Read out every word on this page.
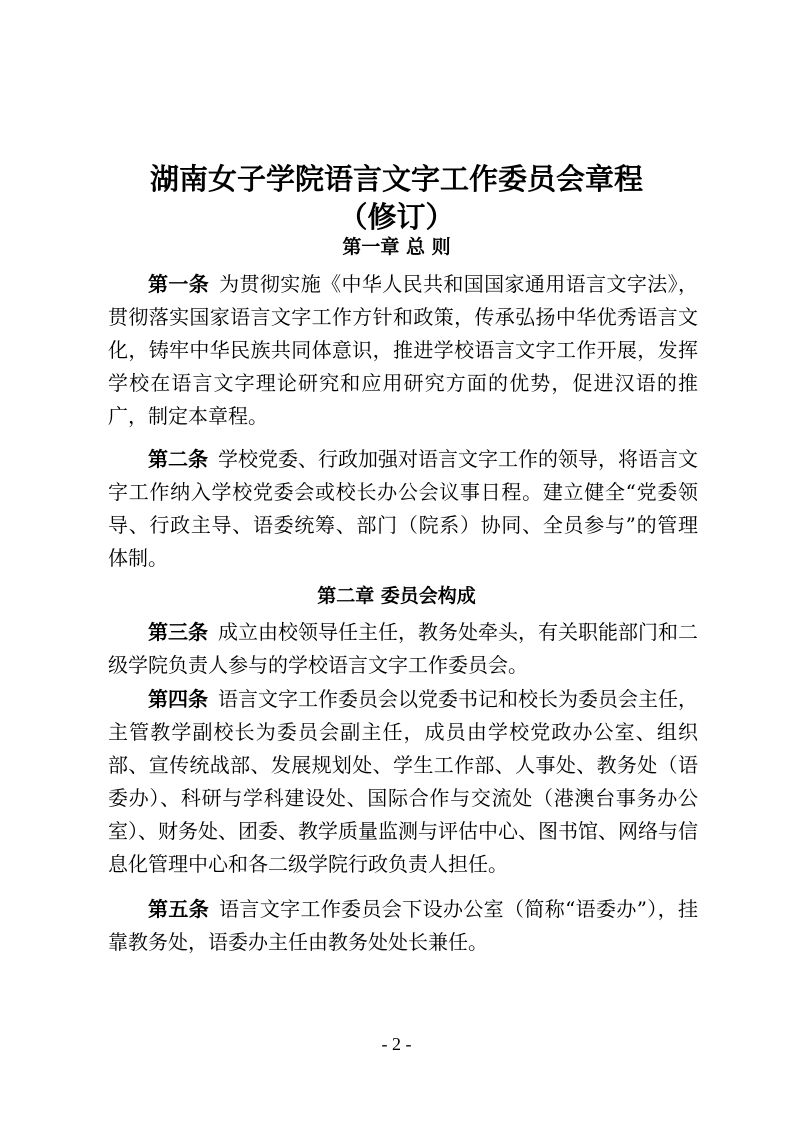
湖南女子学院语言文字工作委员会章程
（修订）
第一章 总 则

第一条 为贯彻实施《中华人民共和国国家通用语言文字法》，贯彻落实国家语言文字工作方针和政策，传承弘扬中华优秀语言文化，铸牢中华民族共同体意识，推进学校语言文字工作开展，发挥学校在语言文字理论研究和应用研究方面的优势，促进汉语的推广，制定本章程。

第二条 学校党委、行政加强对语言文字工作的领导，将语言文字工作纳入学校党委会或校长办公会议事日程。建立健全“党委领导、行政主导、语委统筹、部门（院系）协同、全员参与”的管理体制。

第二章 委员会构成

第三条 成立由校领导任主任，教务处牵头，有关职能部门和二级学院负责人参与的学校语言文字工作委员会。

第四条 语言文字工作委员会以党委书记和校长为委员会主任，主管教学副校长为委员会副主任，成员由学校党政办公室、组织部、宣传统战部、发展规划处、学生工作部、人事处、教务处（语委办）、科研与学科建设处、国际合作与交流处（港澳台事务办公室）、财务处、团委、教学质量监测与评估中心、图书馆、网络与信息化管理中心和各二级学院行政负责人担任。

第五条 语言文字工作委员会下设办公室（简称“语委办”），挂靠教务处，语委办主任由教务处处长兼任。

- 2 -
